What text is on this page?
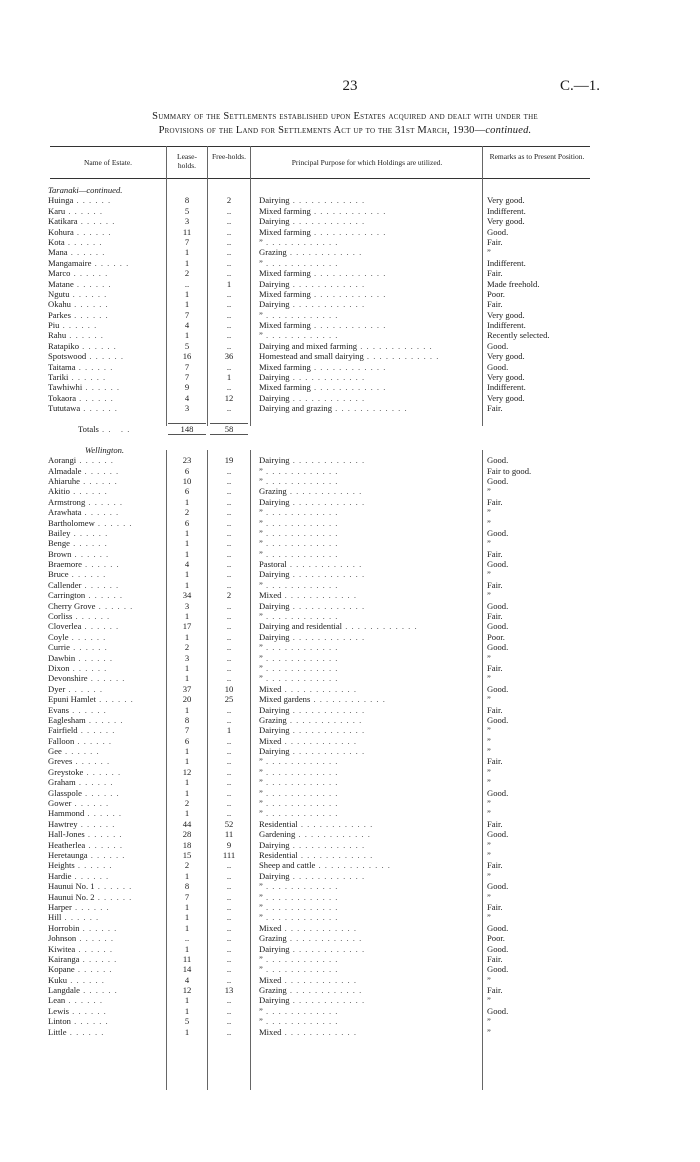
23	C.—1.
Summary of the Settlements established upon Estates acquired and dealt with under the
Provisions of the Land for Settlements Act up to the 31st March, 1930—continued.
Name of Estate.
Lease-holds.
Free-holds.
Principal Purpose for which Holdings are utilized.
Remarks as to Present Position.
Taranaki—continued.
Huinga . . . . . .	8	2	Dairying . . . . . . . . . . . .	Very good.
Karu . . . . . .	5	..	Mixed farming . . . . . . . . . . . .	Indifferent.
Katikara . . . . . .	3	..	Dairying . . . . . . . . . . . .	Very good.
Kohura . . . . . .	11	..	Mixed farming . . . . . . . . . . . .	Good.
Kota . . . . . .	7	..	” . . . . . . . . . . . .	Fair.
Mana . . . . . .	1	..	Grazing . . . . . . . . . . . .	”
Mangamaire . . . . . .	1	..	” . . . . . . . . . . . .	Indifferent.
Marco . . . . . .	2	..	Mixed farming . . . . . . . . . . . .	Fair.
Matane . . . . . .	..	1	Dairying . . . . . . . . . . . .	Made freehold.
Ngutu . . . . . .	1	..	Mixed farming . . . . . . . . . . . .	Poor.
Okahu . . . . . .	1	..	Dairying . . . . . . . . . . . .	Fair.
Parkes . . . . . .	7	..	” . . . . . . . . . . . .	Very good.
Piu . . . . . .	4	..	Mixed farming . . . . . . . . . . . .	Indifferent.
Rahu . . . . . .	1	..	” . . . . . . . . . . . .	Recently selected.
Ratapiko . . . . . .	5	..	Dairying and mixed farming . . . . . . . . . . . .	Good.
Spotswood . . . . . .	16	36	Homestead and small dairying . . . . . . . . . . . .	Very good.
Taitama . . . . . .	7	..	Mixed farming . . . . . . . . . . . .	Good.
Tariki . . . . . .	7	1	Dairying . . . . . . . . . . . .	Very good.
Tawhiwhi . . . . . .	9	..	Mixed farming . . . . . . . . . . . .	Indifferent.
Tokaora . . . . . .	4	12	Dairying . . . . . . . . . . . .	Very good.
Tututawa . . . . . .	3	..	Dairying and grazing . . . . . . . . . . . .	Fair.
Totals . .   . .	148	58
Wellington.
Aorangi . . . . . .	23	19	Dairying . . . . . . . . . . . .	Good.
Almadale . . . . . .	6	..	” . . . . . . . . . . . .	Fair to good.
Ahiaruhe . . . . . .	10	..	” . . . . . . . . . . . .	Good.
Akitio . . . . . .	6	..	Grazing . . . . . . . . . . . .	”
Armstrong . . . . . .	1	..	Dairying . . . . . . . . . . . .	Fair.
Arawhata . . . . . .	2	..	” . . . . . . . . . . . .	”
Bartholomew . . . . . .	6	..	” . . . . . . . . . . . .	”
Bailey . . . . . .	1	..	” . . . . . . . . . . . .	Good.
Benge . . . . . .	1	..	” . . . . . . . . . . . .	”
Brown . . . . . .	1	..	” . . . . . . . . . . . .	Fair.
Braemore . . . . . .	4	..	Pastoral . . . . . . . . . . . .	Good.
Bruce . . . . . .	1	..	Dairying . . . . . . . . . . . .	”
Callender . . . . . .	1	..	” . . . . . . . . . . . .	Fair.
Carrington . . . . . .	34	2	Mixed . . . . . . . . . . . .	”
Cherry Grove . . . . . .	3	..	Dairying . . . . . . . . . . . .	Good.
Corliss . . . . . .	1	..	” . . . . . . . . . . . .	Fair.
Cloverlea . . . . . .	17	..	Dairying and residential . . . . . . . . . . . .	Good.
Coyle . . . . . .	1	..	Dairying . . . . . . . . . . . .	Poor.
Currie . . . . . .	2	..	” . . . . . . . . . . . .	Good.
Dawbin . . . . . .	3	..	” . . . . . . . . . . . .	”
Dixon . . . . . .	1	..	” . . . . . . . . . . . .	Fair.
Devonshire . . . . . .	1	..	” . . . . . . . . . . . .	”
Dyer . . . . . .	37	10	Mixed . . . . . . . . . . . .	Good.
Epuni Hamlet . . . . . .	20	25	Mixed gardens . . . . . . . . . . . .	”
Evans . . . . . .	1	..	Dairying . . . . . . . . . . . .	Fair.
Eaglesham . . . . . .	8	..	Grazing . . . . . . . . . . . .	Good.
Fairfield . . . . . .	7	1	Dairying . . . . . . . . . . . .	”
Falloon . . . . . .	6	..	Mixed . . . . . . . . . . . .	”
Gee . . . . . .	1	..	Dairying . . . . . . . . . . . .	”
Greves . . . . . .	1	..	” . . . . . . . . . . . .	Fair.
Greystoke . . . . . .	12	..	” . . . . . . . . . . . .	”
Graham . . . . . .	1	..	” . . . . . . . . . . . .	”
Glasspole . . . . . .	1	..	” . . . . . . . . . . . .	Good.
Gower . . . . . .	2	..	” . . . . . . . . . . . .	”
Hammond . . . . . .	1	..	” . . . . . . . . . . . .	”
Hawtrey . . . . . .	44	52	Residential . . . . . . . . . . . .	Fair.
Hall-Jones . . . . . .	28	11	Gardening . . . . . . . . . . . .	Good.
Heatherlea . . . . . .	18	9	Dairying . . . . . . . . . . . .	”
Heretaunga . . . . . .	15	111	Residential . . . . . . . . . . . .	”
Heights . . . . . .	2	..	Sheep and cattle . . . . . . . . . . . .	Fair.
Hardie . . . . . .	1	..	Dairying . . . . . . . . . . . .	”
Haunui No. 1 . . . . . .	8	..	” . . . . . . . . . . . .	Good.
Haunui No. 2 . . . . . .	7	..	” . . . . . . . . . . . .	”
Harper . . . . . .	1	..	” . . . . . . . . . . . .	Fair.
Hill . . . . . .	1	..	” . . . . . . . . . . . .	”
Horrobin . . . . . .	1	..	Mixed . . . . . . . . . . . .	Good.
Johnson . . . . . .	..	..	Grazing . . . . . . . . . . . .	Poor.
Kiwitea . . . . . .	1	..	Dairying . . . . . . . . . . . .	Good.
Kairanga . . . . . .	11	..	” . . . . . . . . . . . .	Fair.
Kopane . . . . . .	14	..	” . . . . . . . . . . . .	Good.
Kuku . . . . . .	4	..	Mixed . . . . . . . . . . . .	”
Langdale . . . . . .	12	13	Grazing . . . . . . . . . . . .	Fair.
Lean . . . . . .	1	..	Dairying . . . . . . . . . . . .	”
Lewis . . . . . .	1	..	” . . . . . . . . . . . .	Good.
Linton . . . . . .	5	..	” . . . . . . . . . . . .	”
Little . . . . . .	1	..	Mixed . . . . . . . . . . . .	”
